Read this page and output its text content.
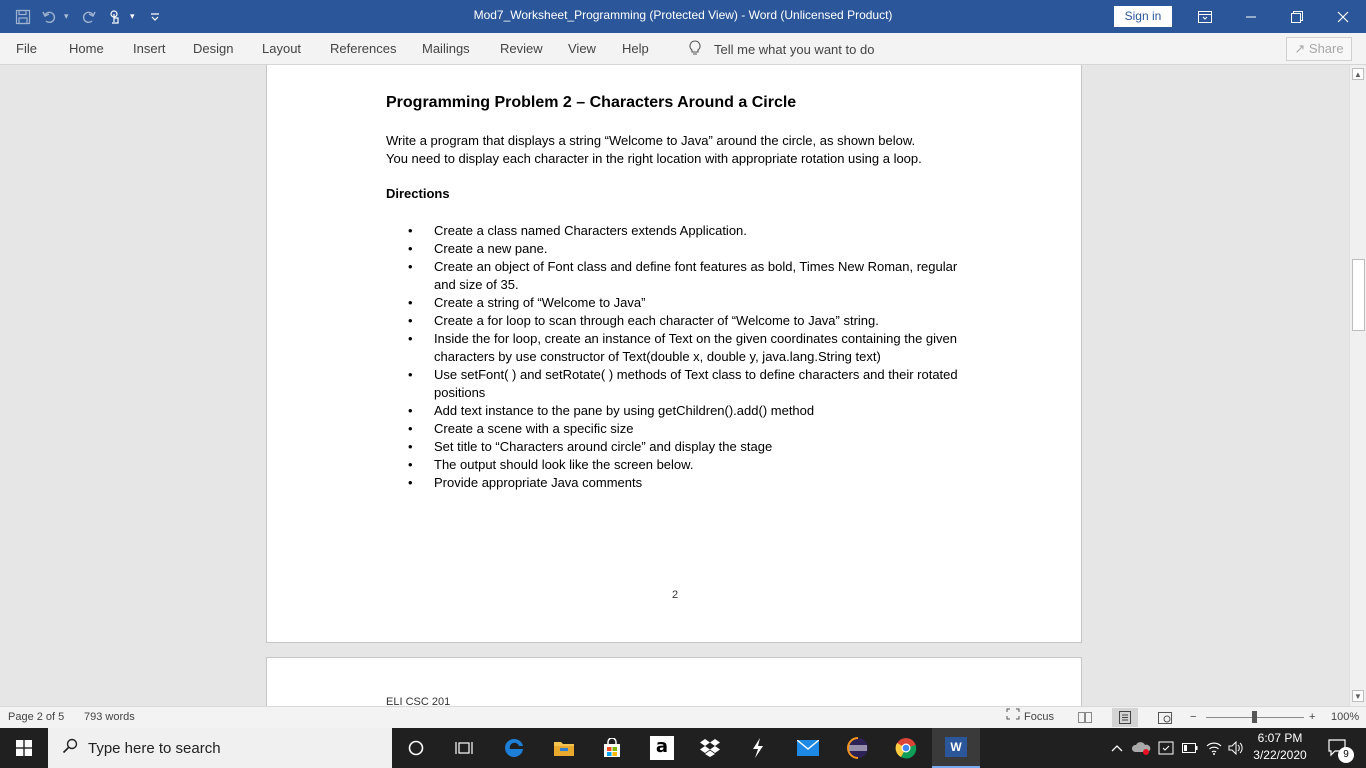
▾	▾	Mod7_Worksheet_Programming (Protected View) - Word (Unlicensed Product)	Sign in
File Home Insert Design Layout References Mailings Review View Help	Tell me what you want to do	↗ Share
Programming Problem 2 – Characters Around a Circle
Write a program that displays a string “Welcome to Java” around the circle, as shown below.
You need to display each character in the right location with appropriate rotation using a loop.
Directions
• Create a class named Characters extends Application.
• Create a new pane.
• Create an object of Font class and define font features as bold, Times New Roman, regular and size of 35.
• Create a string of “Welcome to Java”
• Create a for loop to scan through each character of “Welcome to Java” string.
• Inside the for loop, create an instance of Text on the given coordinates containing the given characters by use constructor of Text(double x, double y, java.lang.String text)
• Use setFont( ) and setRotate( ) methods of Text class to define characters and their rotated positions
• Add text instance to the pane by using getChildren().add() method
• Create a scene with a specific size
• Set title to “Characters around circle” and display the stage
• The output should look like the screen below.
• Provide appropriate Java comments
2
ELI CSC 201
▲
▼
Page 2 of 5 793 words	Focus	−	+ 100%
Type here to search	a	W
6:07 PM
3/22/2020	9
